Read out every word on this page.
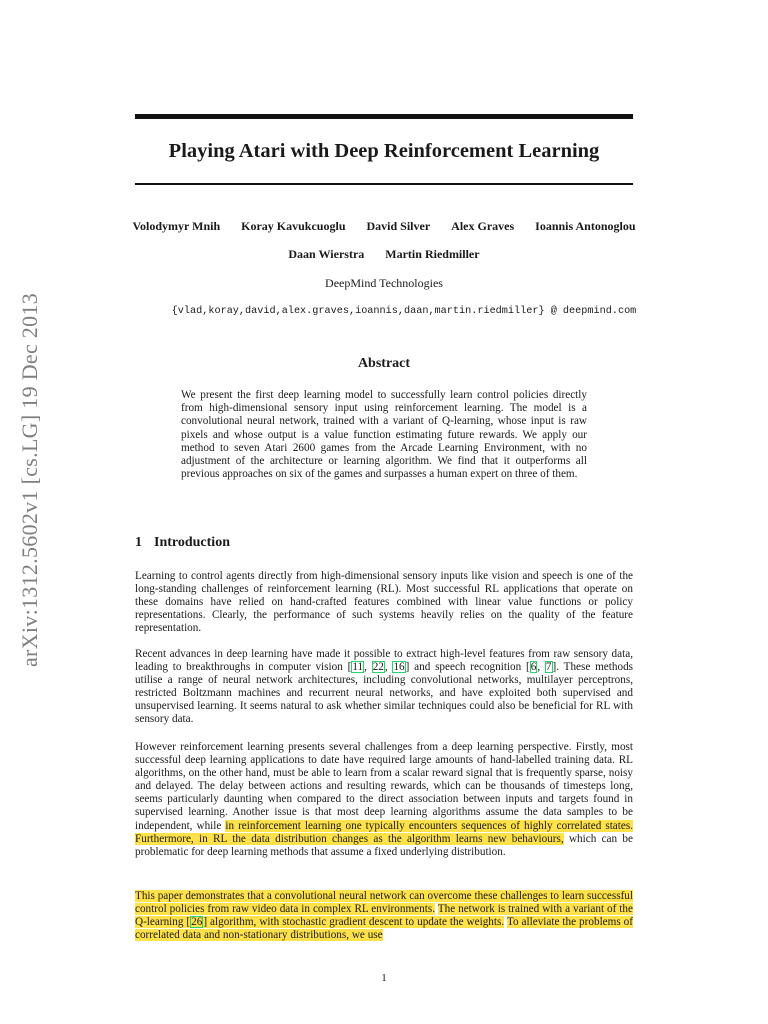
arXiv:1312.5602v1 [cs.LG] 19 Dec 2013
Playing Atari with Deep Reinforcement Learning
Volodymyr Mnih Koray Kavukcuoglu David Silver Alex Graves Ioannis Antonoglou
Daan Wierstra Martin Riedmiller
DeepMind Technologies
{vlad,koray,david,alex.graves,ioannis,daan,martin.riedmiller} @ deepmind.com
Abstract

We present the first deep learning model to successfully learn control policies directly from high-dimensional sensory input using reinforcement learning. The model is a convolutional neural network, trained with a variant of Q-learning, whose input is raw pixels and whose output is a value function estimating future rewards. We apply our method to seven Atari 2600 games from the Arcade Learning Environment, with no adjustment of the architecture or learning algorithm. We find that it outperforms all previous approaches on six of the games and surpasses a human expert on three of them.

1 Introduction

Learning to control agents directly from high-dimensional sensory inputs like vision and speech is one of the long-standing challenges of reinforcement learning (RL). Most successful RL applications that operate on these domains have relied on hand-crafted features combined with linear value functions or policy representations. Clearly, the performance of such systems heavily relies on the quality of the feature representation.

Recent advances in deep learning have made it possible to extract high-level features from raw sensory data, leading to breakthroughs in computer vision [11, 22, 16] and speech recognition [6, 7]. These methods utilise a range of neural network architectures, including convolutional networks, multilayer perceptrons, restricted Boltzmann machines and recurrent neural networks, and have exploited both supervised and unsupervised learning. It seems natural to ask whether similar techniques could also be beneficial for RL with sensory data.

However reinforcement learning presents several challenges from a deep learning perspective. Firstly, most successful deep learning applications to date have required large amounts of hand-labelled training data. RL algorithms, on the other hand, must be able to learn from a scalar reward signal that is frequently sparse, noisy and delayed. The delay between actions and resulting rewards, which can be thousands of timesteps long, seems particularly daunting when compared to the direct association between inputs and targets found in supervised learning. Another issue is that most deep learning algorithms assume the data samples to be independent, while in reinforcement learning one typically encounters sequences of highly correlated states. Furthermore, in RL the data distribution changes as the algorithm learns new behaviours, which can be problematic for deep learning methods that assume a fixed underlying distribution.

This paper demonstrates that a convolutional neural network can overcome these challenges to learn successful control policies from raw video data in complex RL environments. The network is trained with a variant of the Q-learning [26] algorithm, with stochastic gradient descent to update the weights. To alleviate the problems of correlated data and non-stationary distributions, we use

1
